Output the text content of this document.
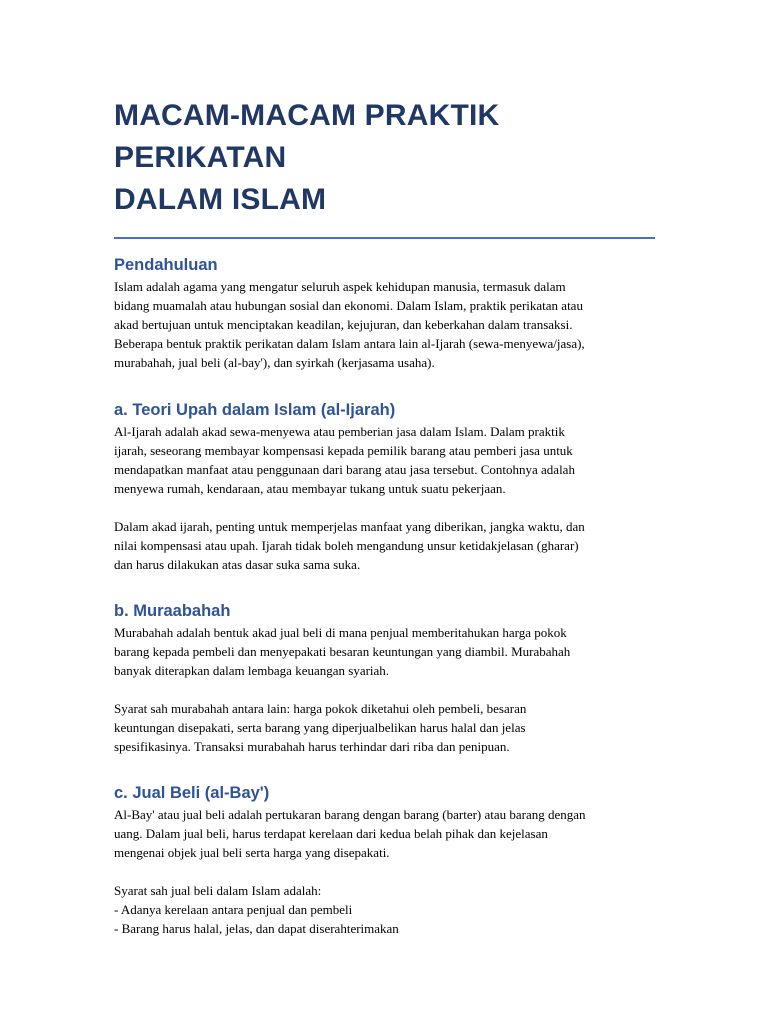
MACAM-MACAM PRAKTIK PERIKATAN
DALAM ISLAM
Pendahuluan

Islam adalah agama yang mengatur seluruh aspek kehidupan manusia, termasuk dalam
bidang muamalah atau hubungan sosial dan ekonomi. Dalam Islam, praktik perikatan atau
akad bertujuan untuk menciptakan keadilan, kejujuran, dan keberkahan dalam transaksi.
Beberapa bentuk praktik perikatan dalam Islam antara lain al-Ijarah (sewa-menyewa/jasa),
murabahah, jual beli (al-bay'), dan syirkah (kerjasama usaha).

a. Teori Upah dalam Islam (al-Ijarah)

Al-Ijarah adalah akad sewa-menyewa atau pemberian jasa dalam Islam. Dalam praktik
ijarah, seseorang membayar kompensasi kepada pemilik barang atau pemberi jasa untuk
mendapatkan manfaat atau penggunaan dari barang atau jasa tersebut. Contohnya adalah
menyewa rumah, kendaraan, atau membayar tukang untuk suatu pekerjaan.

Dalam akad ijarah, penting untuk memperjelas manfaat yang diberikan, jangka waktu, dan
nilai kompensasi atau upah. Ijarah tidak boleh mengandung unsur ketidakjelasan (gharar)
dan harus dilakukan atas dasar suka sama suka.

b. Muraabahah

Murabahah adalah bentuk akad jual beli di mana penjual memberitahukan harga pokok
barang kepada pembeli dan menyepakati besaran keuntungan yang diambil. Murabahah
banyak diterapkan dalam lembaga keuangan syariah.

Syarat sah murabahah antara lain: harga pokok diketahui oleh pembeli, besaran
keuntungan disepakati, serta barang yang diperjualbelikan harus halal dan jelas
spesifikasinya. Transaksi murabahah harus terhindar dari riba dan penipuan.

c. Jual Beli (al-Bay')

Al-Bay' atau jual beli adalah pertukaran barang dengan barang (barter) atau barang dengan
uang. Dalam jual beli, harus terdapat kerelaan dari kedua belah pihak dan kejelasan
mengenai objek jual beli serta harga yang disepakati.

Syarat sah jual beli dalam Islam adalah:
- Adanya kerelaan antara penjual dan pembeli
- Barang harus halal, jelas, dan dapat diserahterimakan
